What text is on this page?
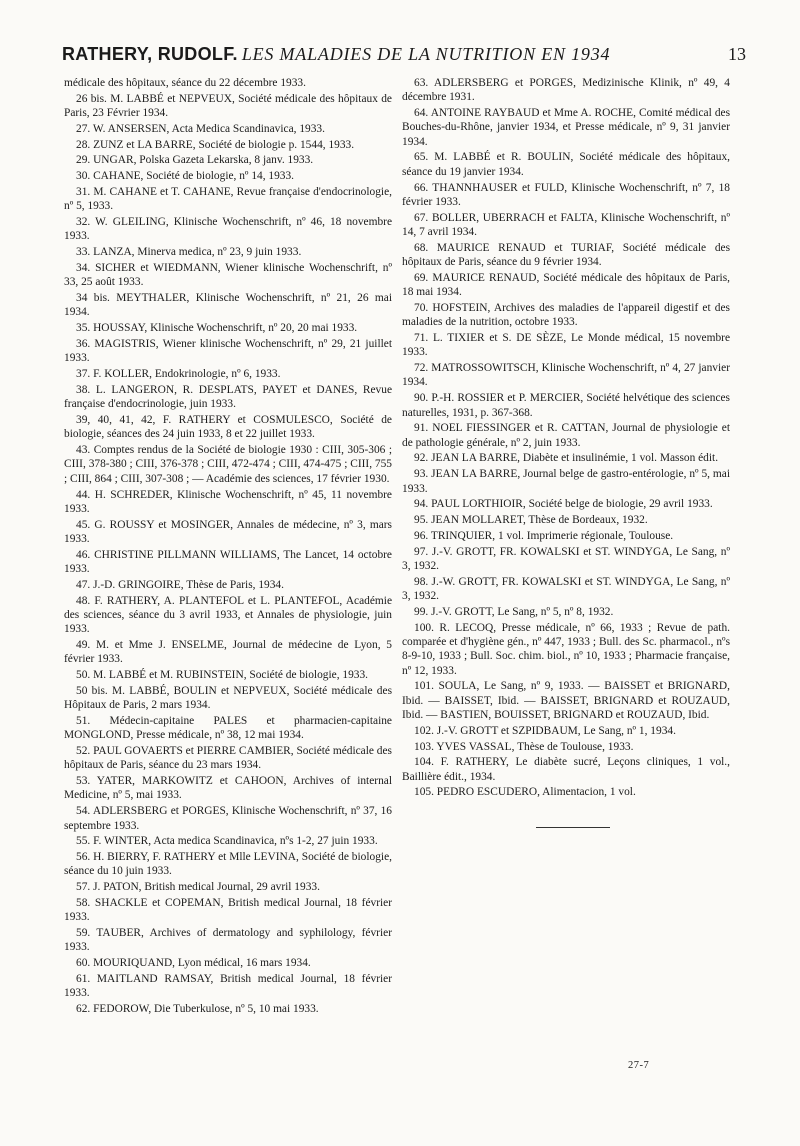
RATHERY, RUDOLF. LES MALADIES DE LA NUTRITION EN 1934	13

médicale des hôpitaux, séance du 22 décembre 1933.

26 bis. M. LABBÉ et NEPVEUX, Société médicale des hôpitaux de Paris, 23 Février 1934.

27. W. ANSERSEN, Acta Medica Scandinavica, 1933.

28. ZUNZ et LA BARRE, Société de biologie p. 1544, 1933.

29. UNGAR, Polska Gazeta Lekarska, 8 janv. 1933.

30. CAHANE, Société de biologie, nº 14, 1933.

31. M. CAHANE et T. CAHANE, Revue française d'endocrinologie, nº 5, 1933.

32. W. GLEILING, Klinische Wochenschrift, nº 46, 18 novembre 1933.

33. LANZA, Minerva medica, nº 23, 9 juin 1933.

34. SICHER et WIEDMANN, Wiener klinische Wochenschrift, nº 33, 25 août 1933.

34 bis. MEYTHALER, Klinische Wochenschrift, nº 21, 26 mai 1934.

35. HOUSSAY, Klinische Wochenschrift, nº 20, 20 mai 1933.

36. MAGISTRIS, Wiener klinische Wochenschrift, nº 29, 21 juillet 1933.

37. F. KOLLER, Endokrinologie, nº 6, 1933.

38. L. LANGERON, R. DESPLATS, PAYET et DANES, Revue française d'endocrinologie, juin 1933.

39, 40, 41, 42, F. RATHERY et COSMULESCO, Société de biologie, séances des 24 juin 1933, 8 et 22 juillet 1933.

43. Comptes rendus de la Société de biologie 1930 : CIII, 305-306 ; CIII, 378-380 ; CIII, 376-378 ; CIII, 472-474 ; CIII, 474-475 ; CIII, 755 ; CIII, 864 ; CIII, 307-308 ; — Académie des sciences, 17 février 1930.

44. H. SCHREDER, Klinische Wochenschrift, nº 45, 11 novembre 1933.

45. G. ROUSSY et MOSINGER, Annales de médecine, nº 3, mars 1933.

46. CHRISTINE PILLMANN WILLIAMS, The Lancet, 14 octobre 1933.

47. J.-D. GRINGOIRE, Thèse de Paris, 1934.

48. F. RATHERY, A. PLANTEFOL et L. PLANTEFOL, Académie des sciences, séance du 3 avril 1933, et Annales de physiologie, juin 1933.

49. M. et Mme J. ENSELME, Journal de médecine de Lyon, 5 février 1933.

50. M. LABBÉ et M. RUBINSTEIN, Société de biologie, 1933.

50 bis. M. LABBÉ, BOULIN et NEPVEUX, Société médicale des Hôpitaux de Paris, 2 mars 1934.

51. Médecin-capitaine PALES et pharmacien-capitaine MONGLOND, Presse médicale, nº 38, 12 mai 1934.

52. PAUL GOVAERTS et PIERRE CAMBIER, Société médicale des hôpitaux de Paris, séance du 23 mars 1934.

53. YATER, MARKOWITZ et CAHOON, Archives of internal Medicine, nº 5, mai 1933.

54. ADLERSBERG et PORGES, Klinische Wochenschrift, nº 37, 16 septembre 1933.

55. F. WINTER, Acta medica Scandinavica, nºs 1-2, 27 juin 1933.

56. H. BIERRY, F. RATHERY et Mlle LEVINA, Société de biologie, séance du 10 juin 1933.

57. J. PATON, British medical Journal, 29 avril 1933.

58. SHACKLE et COPEMAN, British medical Journal, 18 février 1933.

59. TAUBER, Archives of dermatology and syphilology, février 1933.

60. MOURIQUAND, Lyon médical, 16 mars 1934.

61. MAITLAND RAMSAY, British medical Journal, 18 février 1933.

62. FEDOROW, Die Tuberkulose, nº 5, 10 mai 1933.

63. ADLERSBERG et PORGES, Medizinische Klinik, nº 49, 4 décembre 1931.

64. ANTOINE RAYBAUD et Mme A. ROCHE, Comité médical des Bouches-du-Rhône, janvier 1934, et Presse médicale, nº 9, 31 janvier 1934.

65. M. LABBÉ et R. BOULIN, Société médicale des hôpitaux, séance du 19 janvier 1934.

66. THANNHAUSER et FULD, Klinische Wochenschrift, nº 7, 18 février 1933.

67. BOLLER, UBERRACH et FALTA, Klinische Wochenschrift, nº 14, 7 avril 1934.

68. MAURICE RENAUD et TURIAF, Société médicale des hôpitaux de Paris, séance du 9 février 1934.

69. MAURICE RENAUD, Société médicale des hôpitaux de Paris, 18 mai 1934.

70. HOFSTEIN, Archives des maladies de l'appareil digestif et des maladies de la nutrition, octobre 1933.

71. L. TIXIER et S. DE SÈZE, Le Monde médical, 15 novembre 1933.

72. MATROSSOWITSCH, Klinische Wochenschrift, nº 4, 27 janvier 1934.

90. P.-H. ROSSIER et P. MERCIER, Société helvétique des sciences naturelles, 1931, p. 367-368.

91. NOEL FIESSINGER et R. CATTAN, Journal de physiologie et de pathologie générale, nº 2, juin 1933.

92. JEAN LA BARRE, Diabète et insulinémie, 1 vol. Masson édit.

93. JEAN LA BARRE, Journal belge de gastro-entérologie, nº 5, mai 1933.

94. PAUL LORTHIOIR, Société belge de biologie, 29 avril 1933.

95. JEAN MOLLARET, Thèse de Bordeaux, 1932.

96. TRINQUIER, 1 vol. Imprimerie régionale, Toulouse.

97. J.-V. GROTT, FR. KOWALSKI et ST. WINDYGA, Le Sang, nº 3, 1932.

98. J.-W. GROTT, FR. KOWALSKI et ST. WINDYGA, Le Sang, nº 3, 1932.

99. J.-V. GROTT, Le Sang, nº 5, nº 8, 1932.

100. R. LECOQ, Presse médicale, nº 66, 1933 ; Revue de path. comparée et d'hygiène gén., nº 447, 1933 ; Bull. des Sc. pharmacol., nºs 8-9-10, 1933 ; Bull. Soc. chim. biol., nº 10, 1933 ; Pharmacie française, nº 12, 1933.

101. SOULA, Le Sang, nº 9, 1933. — BAISSET et BRIGNARD, Ibid. — BAISSET, Ibid. — BAISSET, BRIGNARD et ROUZAUD, Ibid. — BASTIEN, BOUISSET, BRIGNARD et ROUZAUD, Ibid.

102. J.-V. GROTT et SZPIDBAUM, Le Sang, nº 1, 1934.

103. YVES VASSAL, Thèse de Toulouse, 1933.

104. F. RATHERY, Le diabète sucré, Leçons cliniques, 1 vol., Baillière édit., 1934.

105. PEDRO ESCUDERO, Alimentacion, 1 vol.

27-7
